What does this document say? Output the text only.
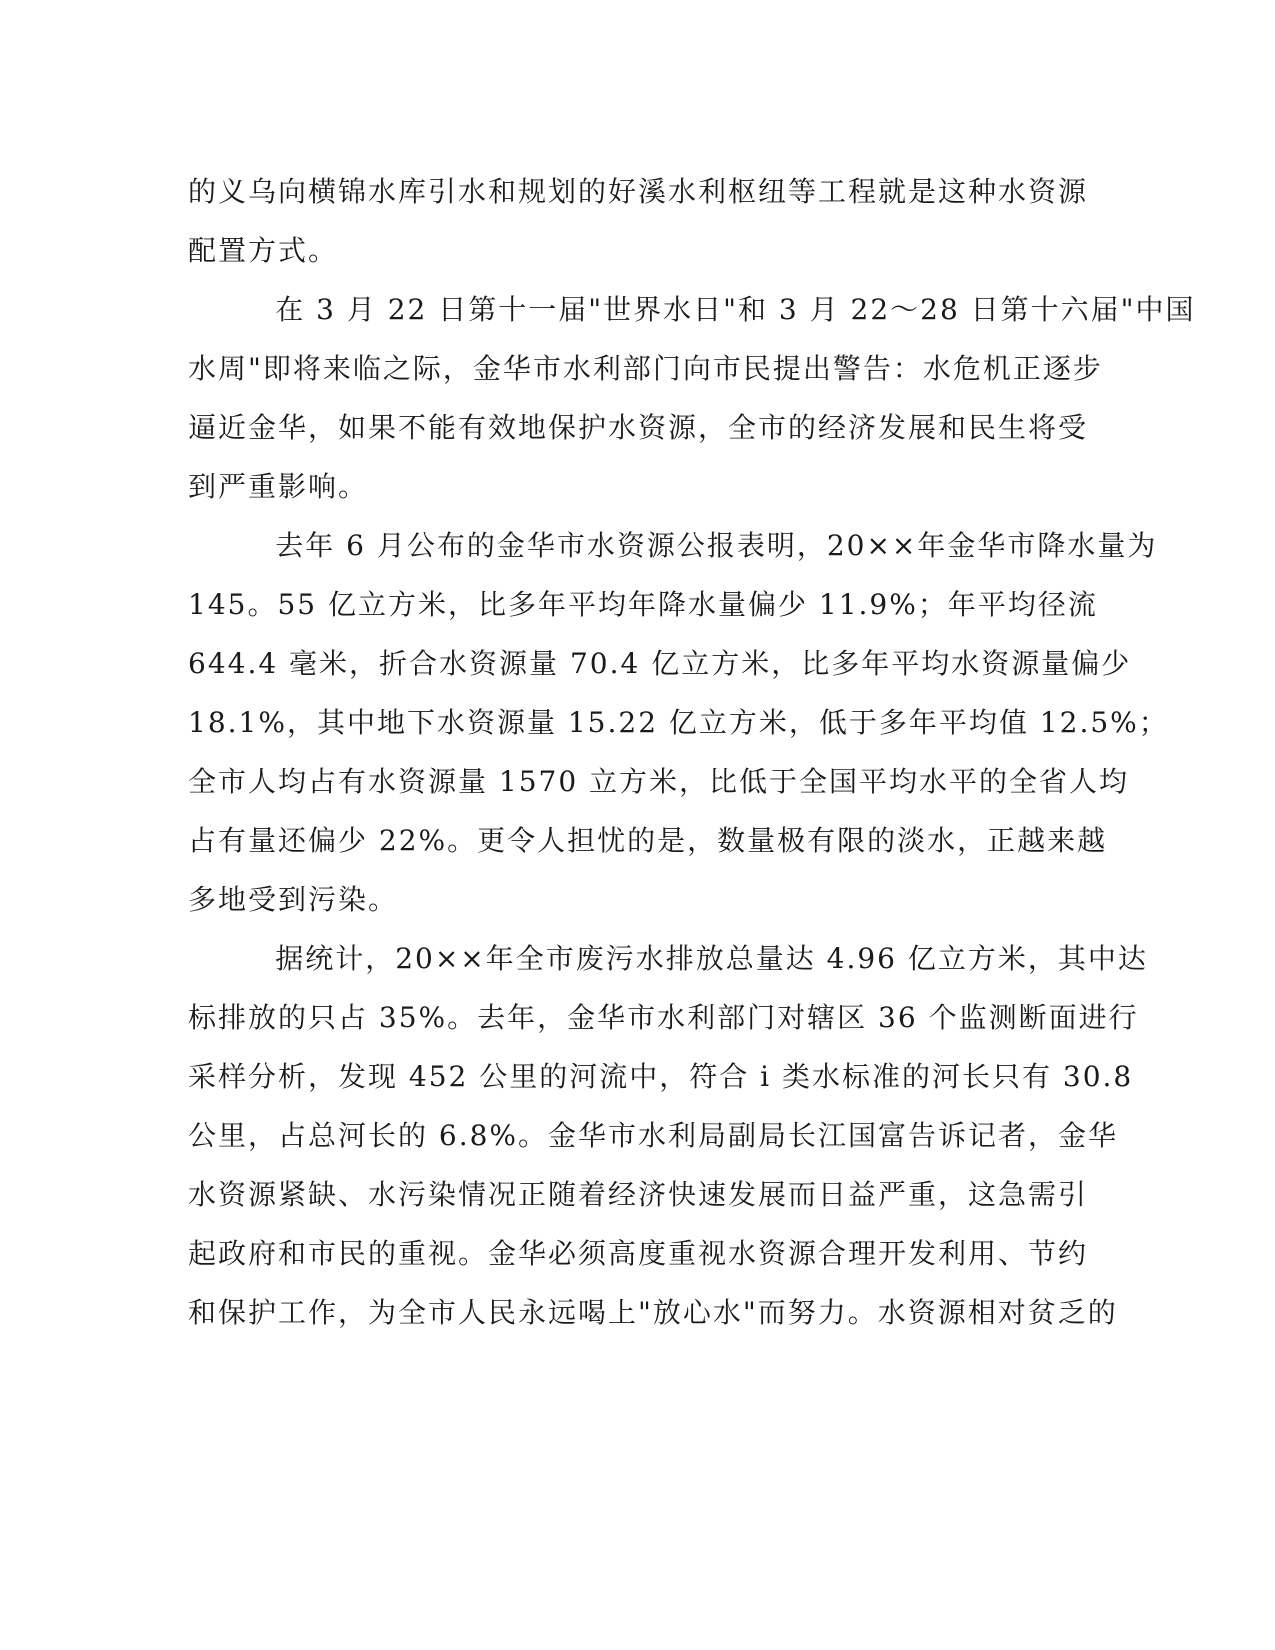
的义乌向横锦水库引水和规划的好溪水利枢纽等工程就是这种水资源
配置方式。
在 3 月 22 日第十一届"世界水日"和 3 月 22～28 日第十六届"中国
水周"即将来临之际，金华市水利部门向市民提出警告：水危机正逐步
逼近金华，如果不能有效地保护水资源，全市的经济发展和民生将受
到严重影响。
去年 6 月公布的金华市水资源公报表明，20××年金华市降水量为
145。55 亿立方米，比多年平均年降水量偏少 11.9%；年平均径流
644.4 毫米，折合水资源量 70.4 亿立方米，比多年平均水资源量偏少
18.1%，其中地下水资源量 15.22 亿立方米，低于多年平均值 12.5%；
全市人均占有水资源量 1570 立方米，比低于全国平均水平的全省人均
占有量还偏少 22%。更令人担忧的是，数量极有限的淡水，正越来越
多地受到污染。
据统计，20××年全市废污水排放总量达 4.96 亿立方米，其中达
标排放的只占 35%。去年，金华市水利部门对辖区 36 个监测断面进行
采样分析，发现 452 公里的河流中，符合 i 类水标准的河长只有 30.8
公里，占总河长的 6.8%。金华市水利局副局长江国富告诉记者，金华
水资源紧缺、水污染情况正随着经济快速发展而日益严重，这急需引
起政府和市民的重视。金华必须高度重视水资源合理开发利用、节约
和保护工作，为全市人民永远喝上"放心水"而努力。水资源相对贫乏的
